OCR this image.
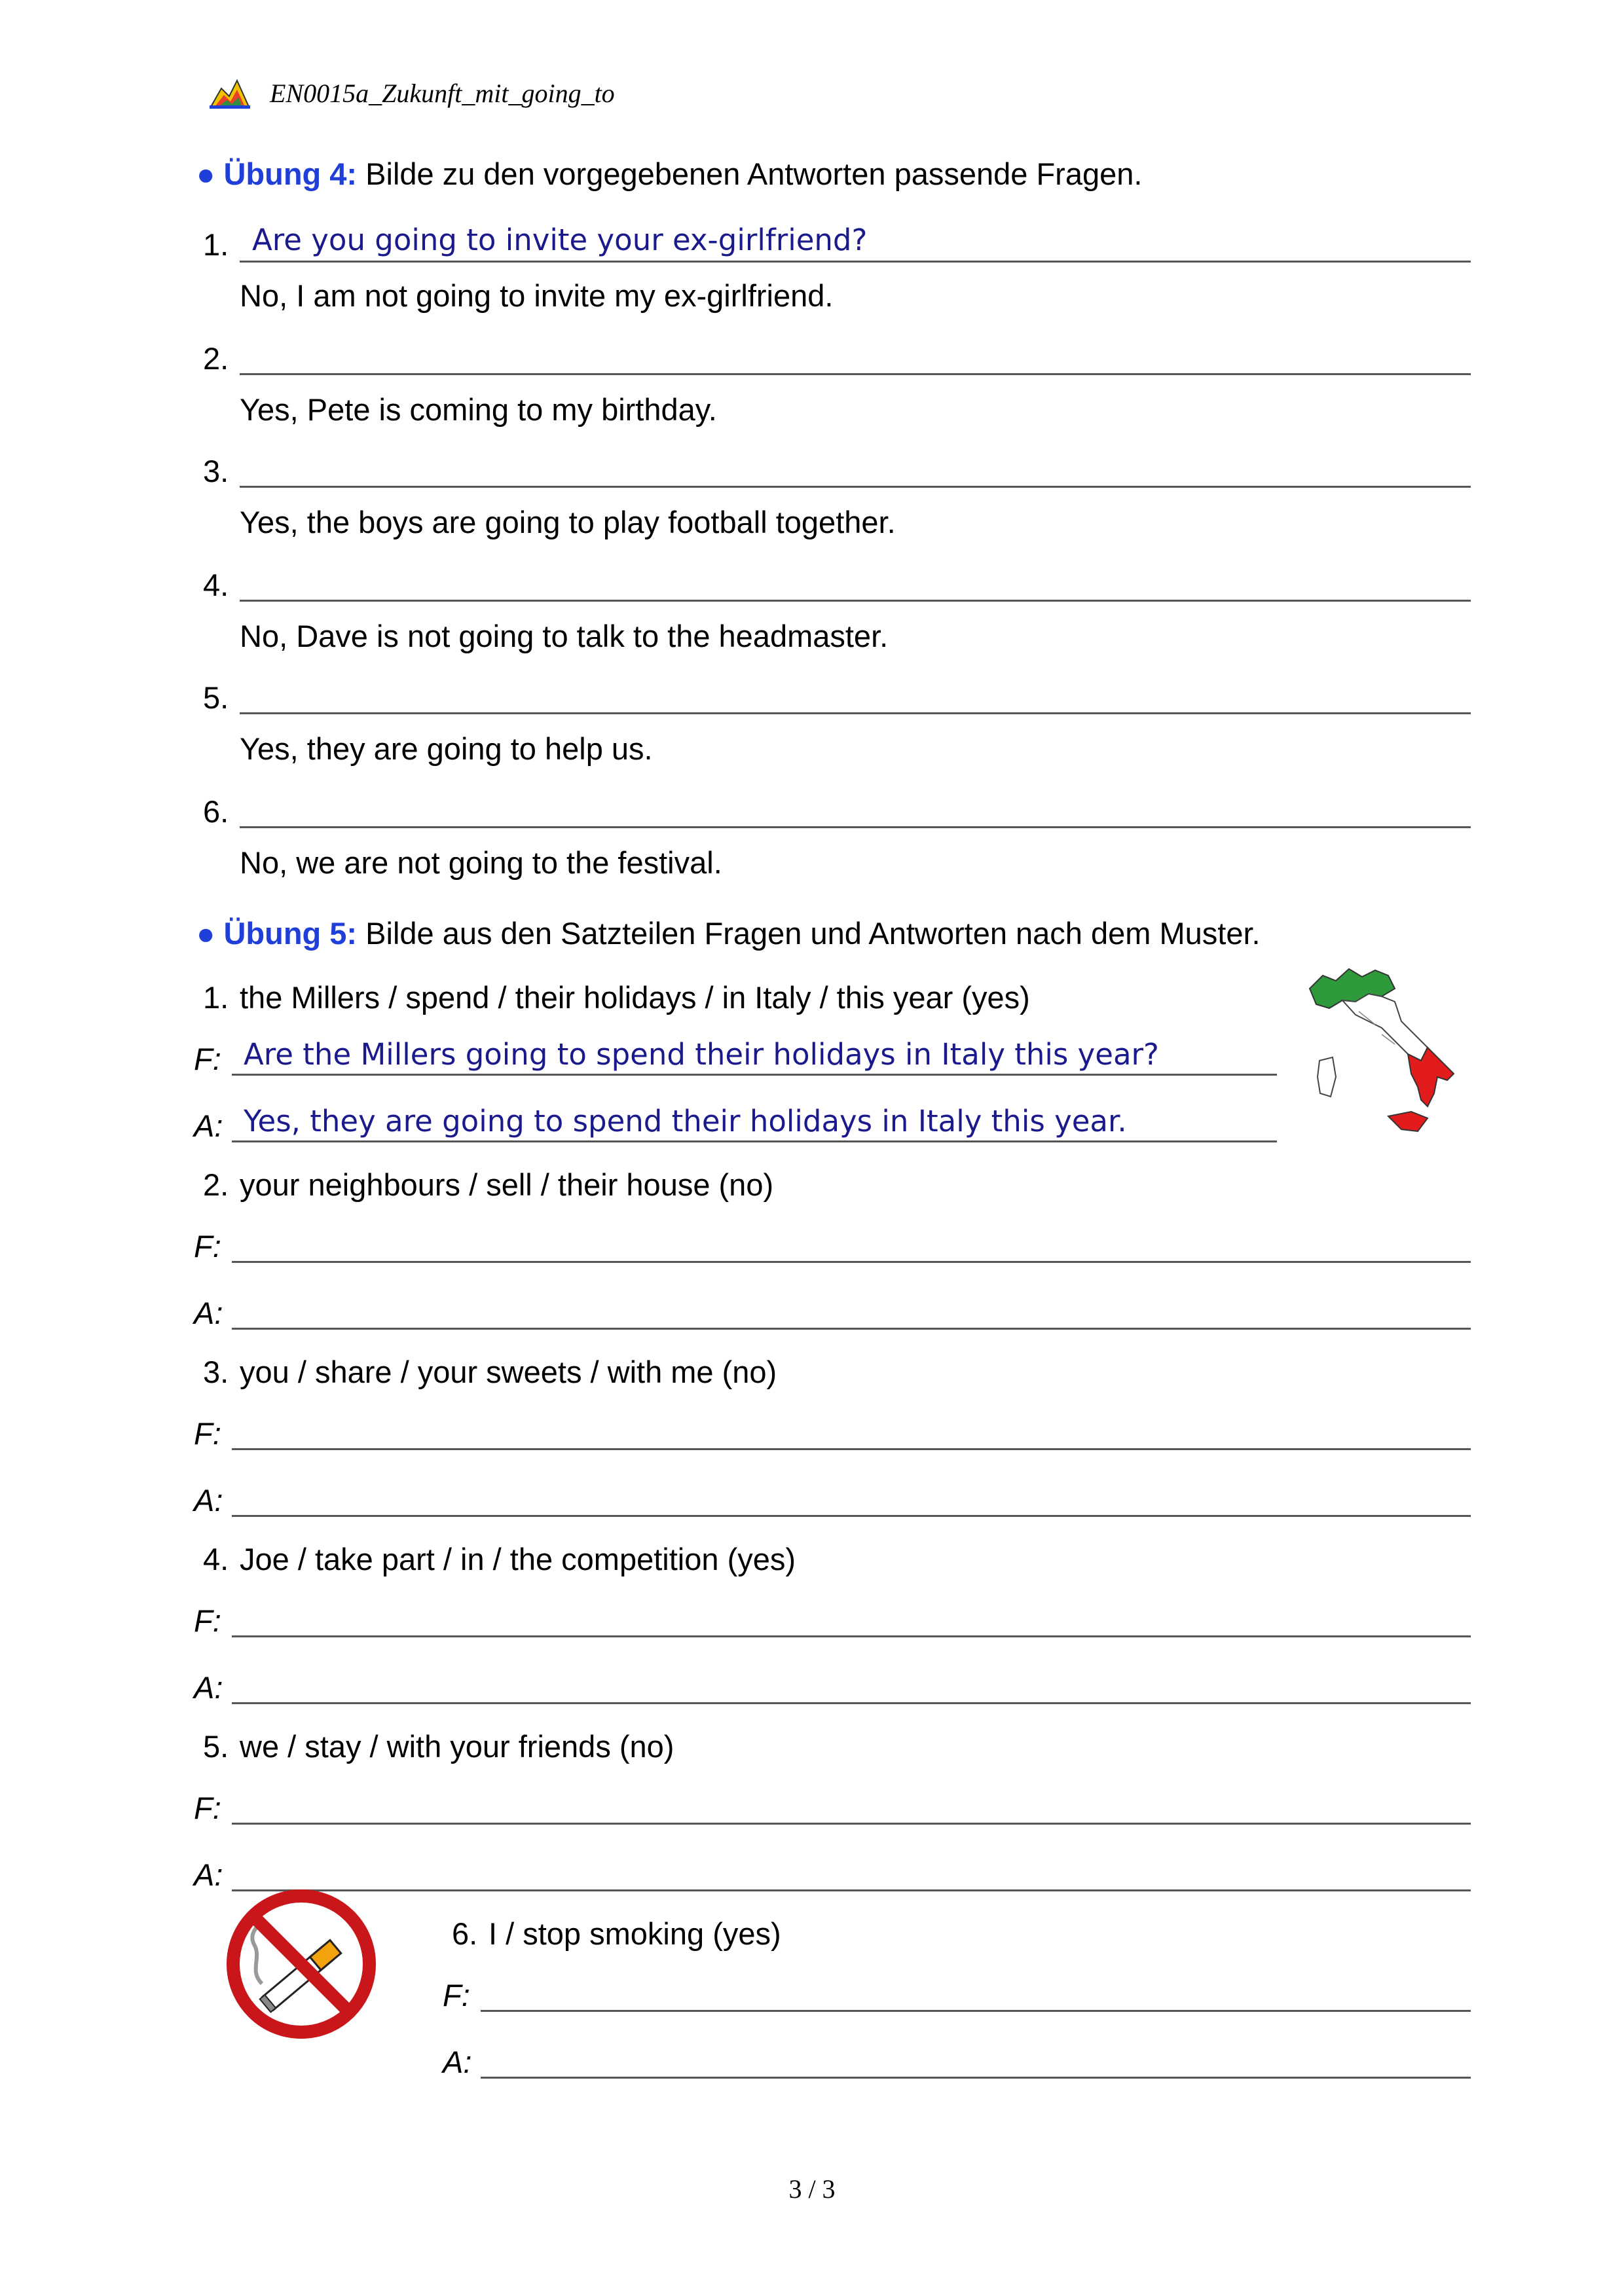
EN0015a_Zukunft_mit_going_to
● Übung 4: Bilde zu den vorgegebenen Antworten passende Fragen.
1. Are you going to invite your ex-girlfriend?
No, I am not going to invite my ex-girlfriend.
2.
Yes, Pete is coming to my birthday.
3.
Yes, the boys are going to play football together.
4.
No, Dave is not going to talk to the headmaster.
5.
Yes, they are going to help us.
6.
No, we are not going to the festival.
● Übung 5: Bilde aus den Satzteilen Fragen und Antworten nach dem Muster.
1. the Millers / spend / their holidays / in Italy / this year (yes)
F: Are the Millers going to spend their holidays in Italy this year?
A: Yes, they are going to spend their holidays in Italy this year.
2. your neighbours / sell / their house (no)
F:
A:
3. you / share / your sweets / with me (no)
F:
A:
4. Joe / take part / in / the competition (yes)
F:
A:
5. we / stay / with your friends (no)
F:
A:
6. I / stop smoking (yes)
F:
A:
3 / 3
